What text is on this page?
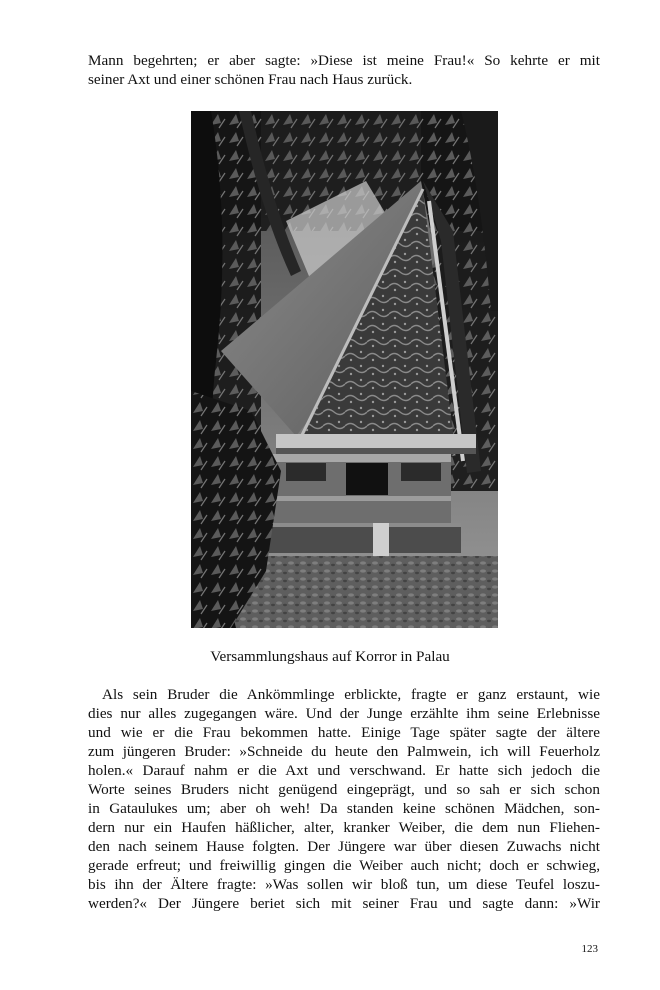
Mann begehrten; er aber sagte: »Diese ist meine Frau!« So kehrte er mit
seiner Axt und einer schönen Frau nach Haus zurück.
Versammlungshaus auf Korror in Palau
Als sein Bruder die Ankömmlinge erblickte, fragte er ganz erstaunt, wie
dies nur alles zugegangen wäre. Und der Junge erzählte ihm seine Erlebnisse
und wie er die Frau bekommen hatte. Einige Tage später sagte der ältere
zum jüngeren Bruder: »Schneide du heute den Palmwein, ich will Feuerholz
holen.« Darauf nahm er die Axt und verschwand. Er hatte sich jedoch die
Worte seines Bruders nicht genügend eingeprägt, und so sah er sich schon
in Gataulukes um; aber oh weh! Da standen keine schönen Mädchen, son-
dern nur ein Haufen häßlicher, alter, kranker Weiber, die dem nun Fliehen-
den nach seinem Hause folgten. Der Jüngere war über diesen Zuwachs nicht
gerade erfreut; und freiwillig gingen die Weiber auch nicht; doch er schwieg,
bis ihn der Ältere fragte: »Was sollen wir bloß tun, um diese Teufel loszu-
werden?« Der Jüngere beriet sich mit seiner Frau und sagte dann: »Wir
123
